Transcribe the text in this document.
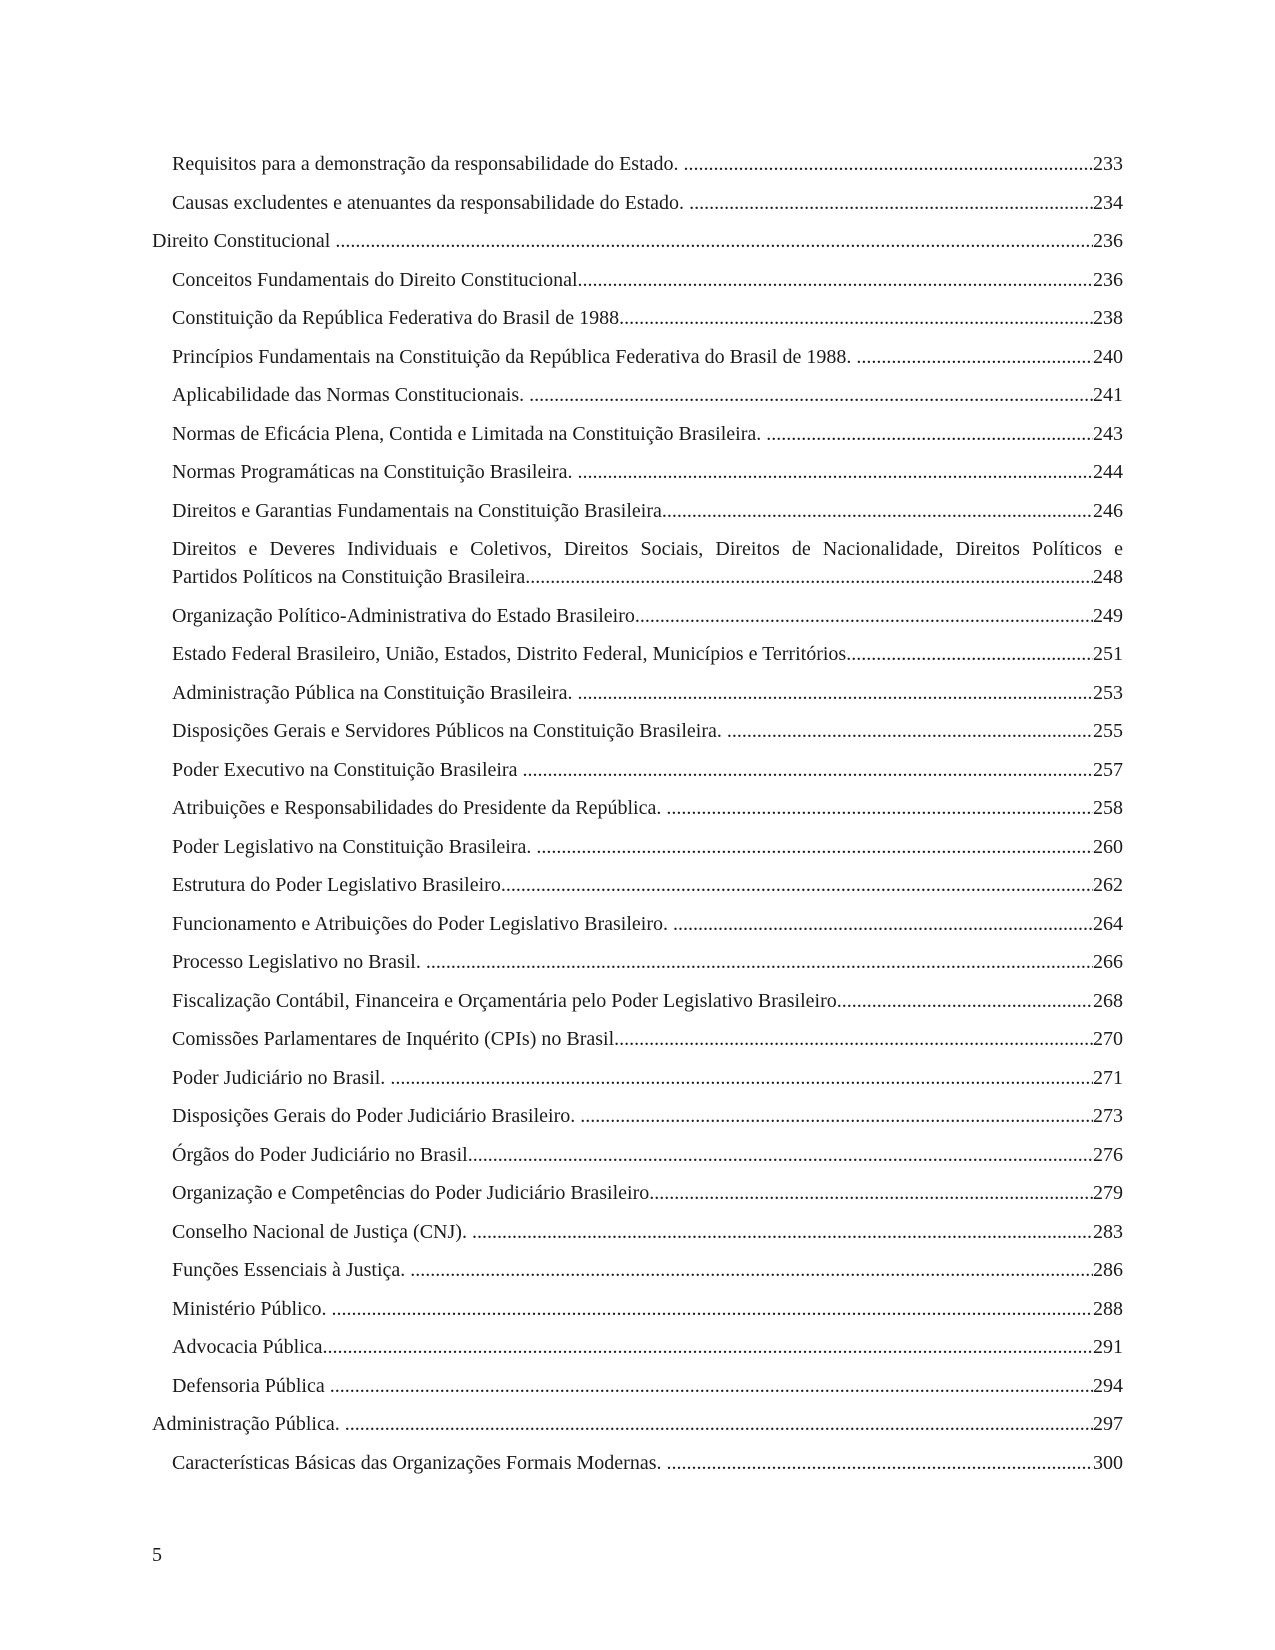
Requisitos para a demonstração da responsabilidade do Estado. .....	233
Causas excludentes e atenuantes da responsabilidade do Estado. .....	234
Direito Constitucional .....	236
Conceitos Fundamentais do Direito Constitucional. .....	236
Constituição da República Federativa do Brasil de 1988. .....	238
Princípios Fundamentais na Constituição da República Federativa do Brasil de 1988. .....	240
Aplicabilidade das Normas Constitucionais. .....	241
Normas de Eficácia Plena, Contida e Limitada na Constituição Brasileira. .....	243
Normas Programáticas na Constituição Brasileira. .....	244
Direitos e Garantias Fundamentais na Constituição Brasileira. .....	246
Direitos e Deveres Individuais e Coletivos, Direitos Sociais, Direitos de Nacionalidade, Direitos Políticos e
Partidos Políticos na Constituição Brasileira. .....	248
Organização Político-Administrativa do Estado Brasileiro. .....	249
Estado Federal Brasileiro, União, Estados, Distrito Federal, Municípios e Territórios. .....	251
Administração Pública na Constituição Brasileira. .....	253
Disposições Gerais e Servidores Públicos na Constituição Brasileira. .....	255
Poder Executivo na Constituição Brasileira .....	257
Atribuições e Responsabilidades do Presidente da República. .....	258
Poder Legislativo na Constituição Brasileira. .....	260
Estrutura do Poder Legislativo Brasileiro. .....	262
Funcionamento e Atribuições do Poder Legislativo Brasileiro. .....	264
Processo Legislativo no Brasil. .....	266
Fiscalização Contábil, Financeira e Orçamentária pelo Poder Legislativo Brasileiro. .....	268
Comissões Parlamentares de Inquérito (CPIs) no Brasil. .....	270
Poder Judiciário no Brasil. .....	271
Disposições Gerais do Poder Judiciário Brasileiro. .....	273
Órgãos do Poder Judiciário no Brasil. .....	276
Organização e Competências do Poder Judiciário Brasileiro. .....	279
Conselho Nacional de Justiça (CNJ). .....	283
Funções Essenciais à Justiça. .....	286
Ministério Público. .....	288
Advocacia Pública. .....	291
Defensoria Pública .....	294
Administração Pública. .....	297
Características Básicas das Organizações Formais Modernas. .....	300
5
